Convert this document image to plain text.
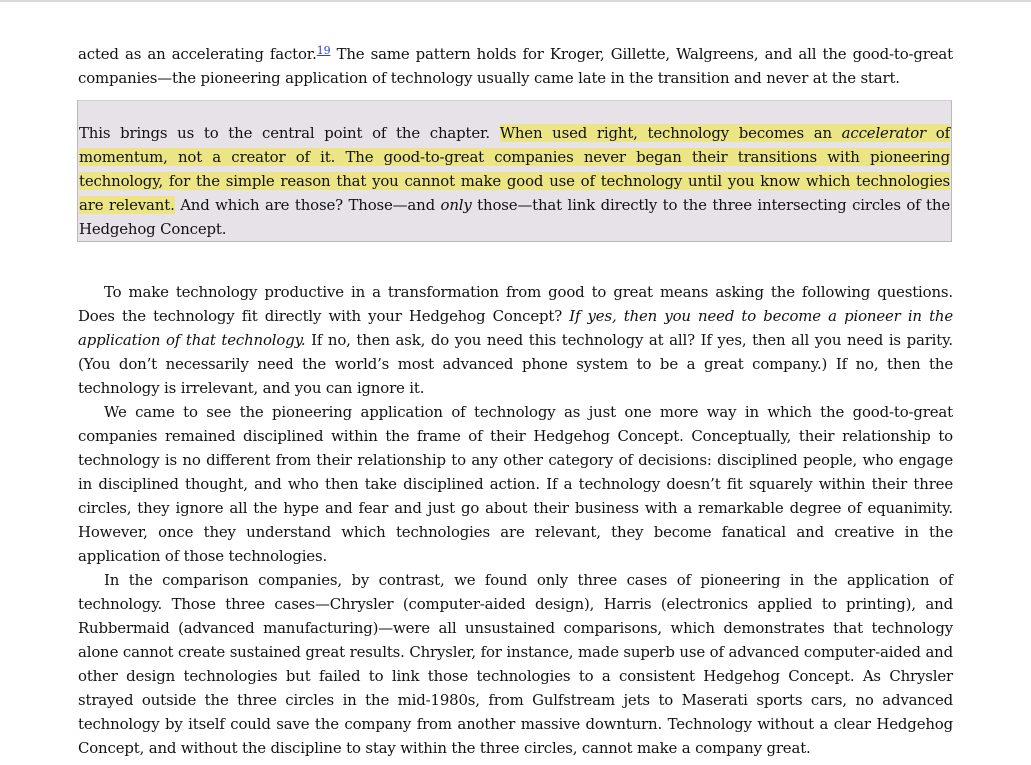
acted as an accelerating factor.$^{19}$ The same pattern holds for Kroger, Gillette, Walgreens, and all the good-to-great companies—the pioneering application of technology usually came late in the transition and never at the start.

This brings us to the central point of the chapter. When used right, technology becomes an accelerator of momentum, not a creator of it. The good-to-great companies never began their transitions with pioneering technology, for the simple reason that you cannot make good use of technology until you know which technologies are relevant. And which are those? Those—and only those—that link directly to the three intersecting circles of the Hedgehog Concept.

To make technology productive in a transformation from good to great means asking the following questions. Does the technology fit directly with your Hedgehog Concept? If yes, then you need to become a pioneer in the application of that technology. If no, then ask, do you need this technology at all? If yes, then all you need is parity. (You don’t necessarily need the world’s most advanced phone system to be a great company.) If no, then the technology is irrelevant, and you can ignore it.

We came to see the pioneering application of technology as just one more way in which the good-to-great companies remained disciplined within the frame of their Hedgehog Concept. Conceptually, their relationship to technology is no different from their relationship to any other category of decisions: disciplined people, who engage in disciplined thought, and who then take disciplined action. If a technology doesn’t fit squarely within their three circles, they ignore all the hype and fear and just go about their business with a remarkable degree of equanimity. However, once they understand which technologies are relevant, they become fanatical and creative in the application of those technologies.

In the comparison companies, by contrast, we found only three cases of pioneering in the application of technology. Those three cases—Chrysler (computer-aided design), Harris (electronics applied to printing), and Rubbermaid (advanced manufacturing)—were all unsustained comparisons, which demonstrates that technology alone cannot create sustained great results. Chrysler, for instance, made superb use of advanced computer-aided and other design technologies but failed to link those technologies to a consistent Hedgehog Concept. As Chrysler strayed outside the three circles in the mid-1980s, from Gulfstream jets to Maserati sports cars, no advanced technology by itself could save the company from another massive downturn. Technology without a clear Hedgehog Concept, and without the discipline to stay within the three circles, cannot make a company great.
